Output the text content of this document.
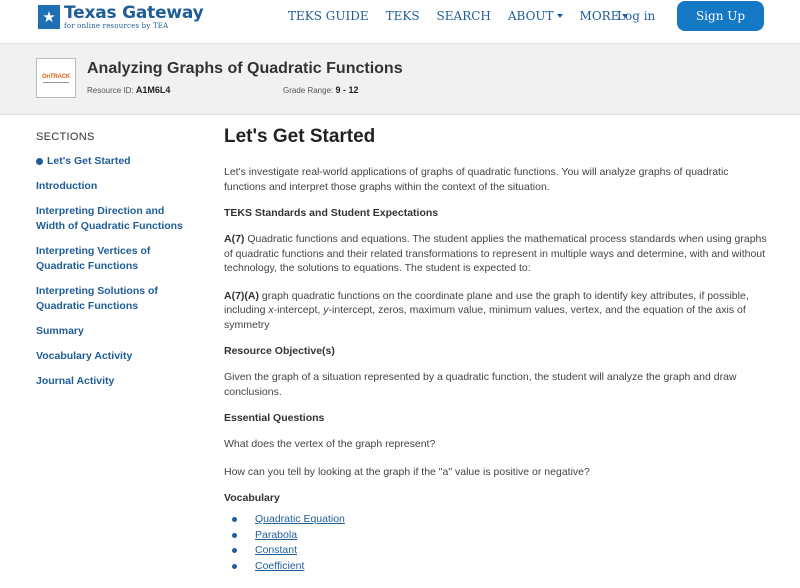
★ Texas Gateway
for online resources by TEA
TEKS GUIDE TEKS SEARCH ABOUT MORE
Log in	Sign Up
OnTRACK Analyzing Graphs of Quadratic Functions
Resource ID: A1M6L4	Grade Range: 9 - 12
SECTIONS
Let's Get Started
Introduction
Interpreting Direction and Width of Quadratic Functions
Interpreting Vertices of Quadratic Functions
Interpreting Solutions of Quadratic Functions
Summary
Vocabulary Activity
Journal Activity
Let's Get Started

Let's investigate real-world applications of graphs of quadratic functions. You will analyze graphs of quadratic functions and interpret those graphs within the context of the situation.

TEKS Standards and Student Expectations

A(7) Quadratic functions and equations. The student applies the mathematical process standards when using graphs of quadratic functions and their related transformations to represent in multiple ways and determine, with and without technology, the solutions to equations. The student is expected to:

A(7)(A) graph quadratic functions on the coordinate plane and use the graph to identify key attributes, if possible, including x-intercept, y-intercept, zeros, maximum value, minimum values, vertex, and the equation of the axis of symmetry

Resource Objective(s)

Given the graph of a situation represented by a quadratic function, the student will analyze the graph and draw conclusions.

Essential Questions

What does the vertex of the graph represent?

How can you tell by looking at the graph if the "a" value is positive or negative?

Vocabulary

Quadratic Equation
Parabola
Constant
Coefficient
